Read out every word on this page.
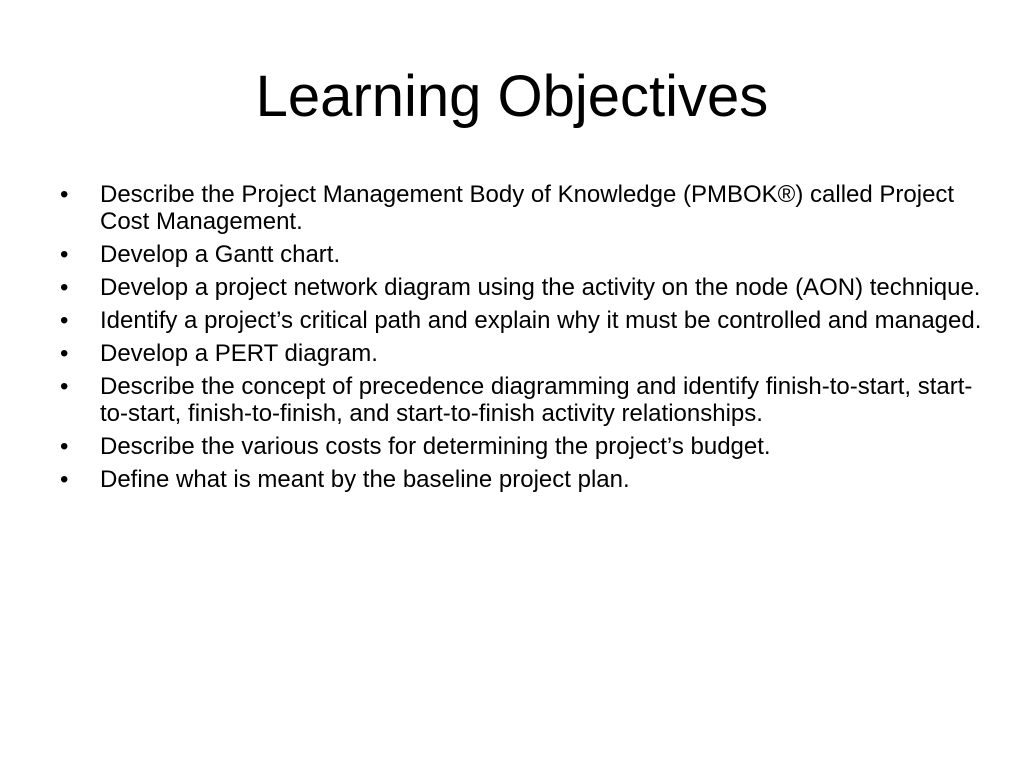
Learning Objectives
•	Describe the Project Management Body of Knowledge (PMBOK®) called Project Cost Management.
•	Develop a Gantt chart.
•	Develop a project network diagram using the activity on the node (AON) technique.
•	Identify a project’s critical path and explain why it must be controlled and managed.
•	Develop a PERT diagram.
•	Describe the concept of precedence diagramming and identify finish-to-start, start-to-start, finish-to-finish, and start-to-finish activity relationships.
•	Describe the various costs for determining the project’s budget.
•	Define what is meant by the baseline project plan.
